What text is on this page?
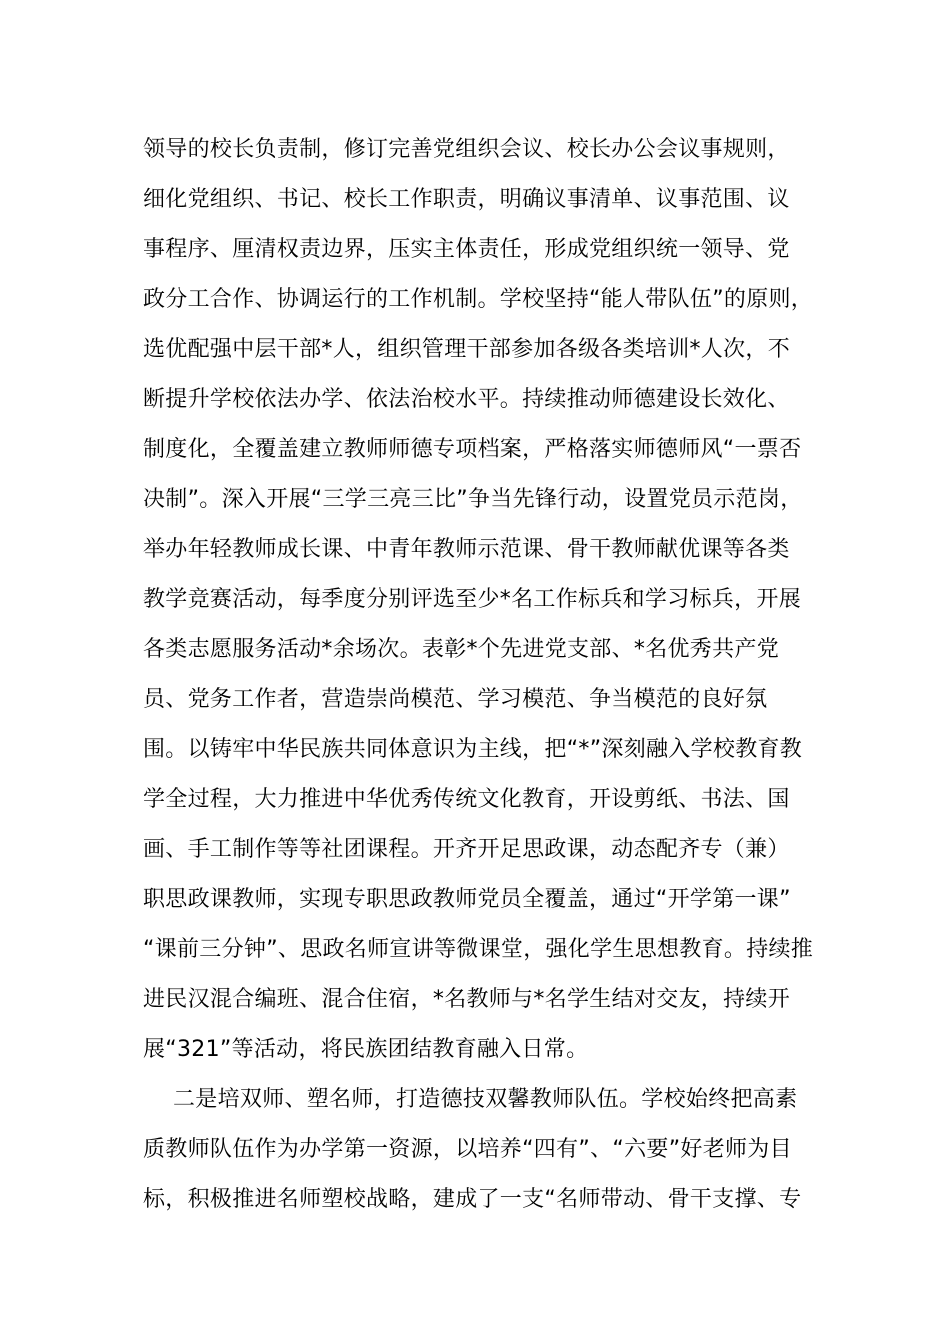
领导的校长负责制，修订完善党组织会议、校长办公会议事规则，
细化党组织、书记、校长工作职责，明确议事清单、议事范围、议
事程序、厘清权责边界，压实主体责任，形成党组织统一领导、党
政分工合作、协调运行的工作机制。学校坚持“能人带队伍”的原则，
选优配强中层干部*人，组织管理干部参加各级各类培训*人次，不
断提升学校依法办学、依法治校水平。持续推动师德建设长效化、
制度化，全覆盖建立教师师德专项档案，严格落实师德师风“一票否
决制”。深入开展“三学三亮三比”争当先锋行动，设置党员示范岗，
举办年轻教师成长课、中青年教师示范课、骨干教师献优课等各类
教学竞赛活动，每季度分别评选至少*名工作标兵和学习标兵，开展
各类志愿服务活动*余场次。表彰*个先进党支部、*名优秀共产党
员、党务工作者，营造崇尚模范、学习模范、争当模范的良好氛
围。以铸牢中华民族共同体意识为主线，把“*”深刻融入学校教育教
学全过程，大力推进中华优秀传统文化教育，开设剪纸、书法、国
画、手工制作等等社团课程。开齐开足思政课，动态配齐专（兼）
职思政课教师，实现专职思政教师党员全覆盖，通过“开学第一课”
“课前三分钟”、思政名师宣讲等微课堂，强化学生思想教育。持续推
进民汉混合编班、混合住宿，*名教师与*名学生结对交友，持续开
展“321”等活动，将民族团结教育融入日常。
二是培双师、塑名师，打造德技双馨教师队伍。学校始终把高素
质教师队伍作为办学第一资源，以培养“四有”、“六要”好老师为目
标，积极推进名师塑校战略，建成了一支“名师带动、骨干支撑、专
